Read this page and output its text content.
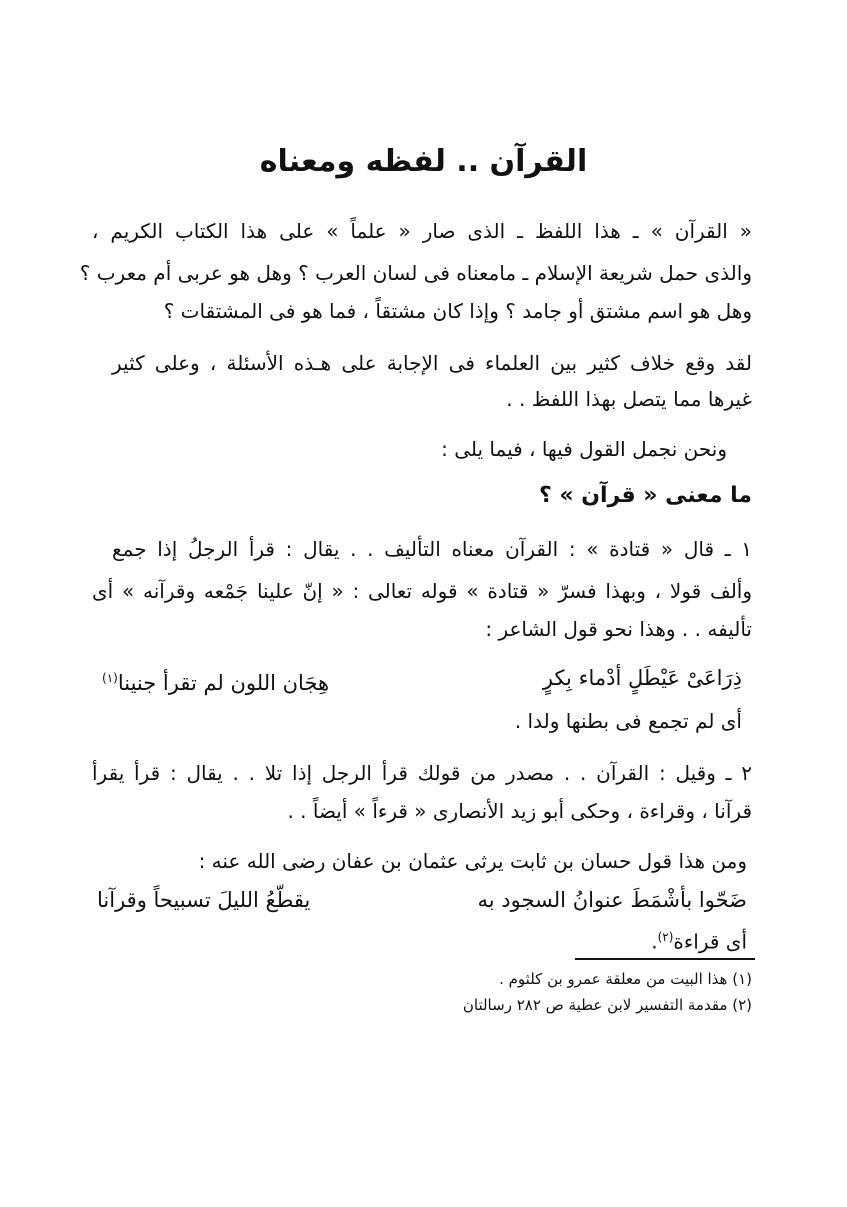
القرآن .. لفظه ومعناه
« القرآن » ـ هذا اللفظ ـ الذى صار « علماً » على هذا الكتاب الكريم ،
والذى حمل شريعة الإسلام ـ مامعناه فى لسان العرب ؟ وهل هو عربى أم معرب ؟
وهل هو اسم مشتق أو جامد ؟ وإذا كان مشتقاً ، فما هو فى المشتقات ؟
لقد وقع خلاف كثير بين العلماء فى الإجابة على هـذه الأسئلة ، وعلى كثير
غيرها مما يتصل بهذا اللفظ . .
ونحن نجمل القول فيها ، فيما يلى :
ما معنى « قرآن » ؟
١ ـ قال « قتادة » : القرآن معناه التأليف . . يقال : قرأ الرجلُ إذا جمع
وألف قولا ، وبهذا فسرّ « قتادة » قوله تعالى : « إنّ علينا جَمْعه وقرآنه » أى
تأليفه . . وهذا نحو قول الشاعر :
ذِرَاعَىْ عَيْطَلٍ أدْماء بِكرٍ
هِجَان اللون لم تقرأ جنينا$^{(١)}$
أى لم تجمع فى بطنها ولدا .
٢ ـ وقيل : القرآن . . مصدر من قولك قرأ الرجل إذا تلا . . يقال : قرأ يقرأ
قرآنا ، وقراءة ، وحكى أبو زيد الأنصارى « قرءاً » أيضاً . .
ومن هذا قول حسان بن ثابت يرثى عثمان بن عفان رضى الله عنه :
ضَحّوا بأشْمَطَ عنوانُ السجود به
يقطّعُ الليلَ تسبيحاً وقرآنا
أى قراءة$^{(٢)}$.
(١) هذا البيت من معلقة عمرو بن كلثوم .
(٢) مقدمة التفسير لابن عطية ص ٢٨٢ رسالتان
